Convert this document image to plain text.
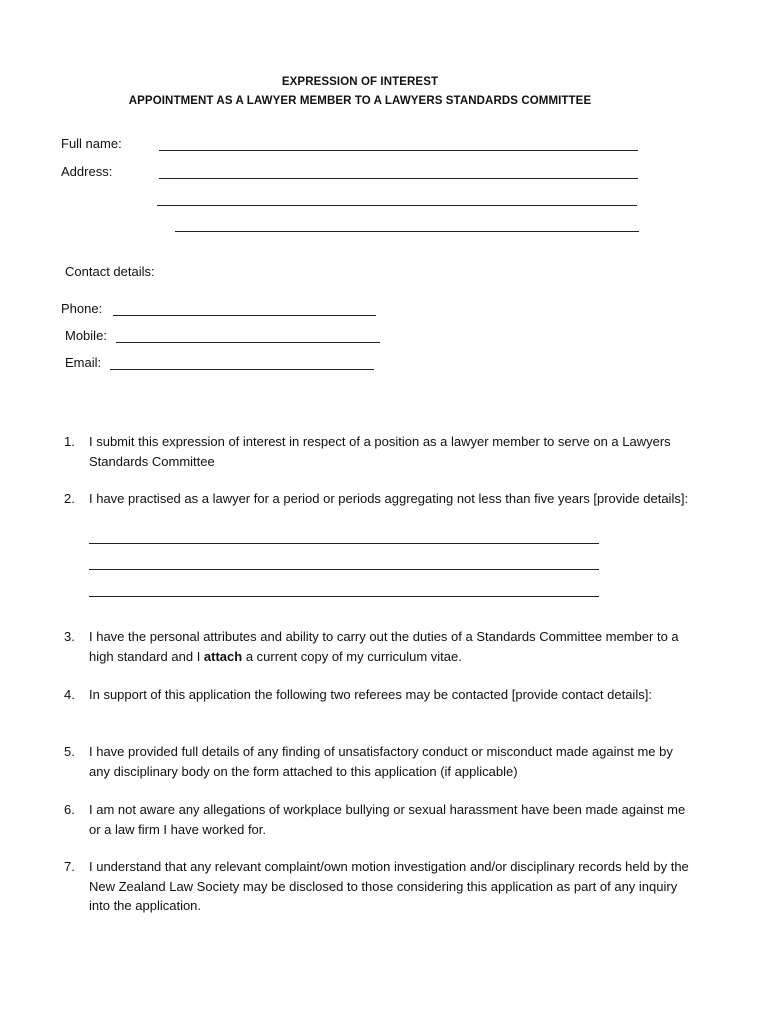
EXPRESSION OF INTEREST
APPOINTMENT AS A LAWYER MEMBER TO A LAWYERS STANDARDS COMMITTEE
Full name:
Address:
Contact details:
Phone:
Mobile:
Email:
1. I submit this expression of interest in respect of a position as a lawyer member to serve on a Lawyers Standards Committee
2. I have practised as a lawyer for a period or periods aggregating not less than five years [provide details]:
3. I have the personal attributes and ability to carry out the duties of a Standards Committee member to a high standard and I attach a current copy of my curriculum vitae.
4. In support of this application the following two referees may be contacted [provide contact details]:
5. I have provided full details of any finding of unsatisfactory conduct or misconduct made against me by any disciplinary body on the form attached to this application (if applicable)
6. I am not aware any allegations of workplace bullying or sexual harassment have been made against me or a law firm I have worked for.
7. I understand that any relevant complaint/own motion investigation and/or disciplinary records held by the New Zealand Law Society may be disclosed to those considering this application as part of any inquiry into the application.
